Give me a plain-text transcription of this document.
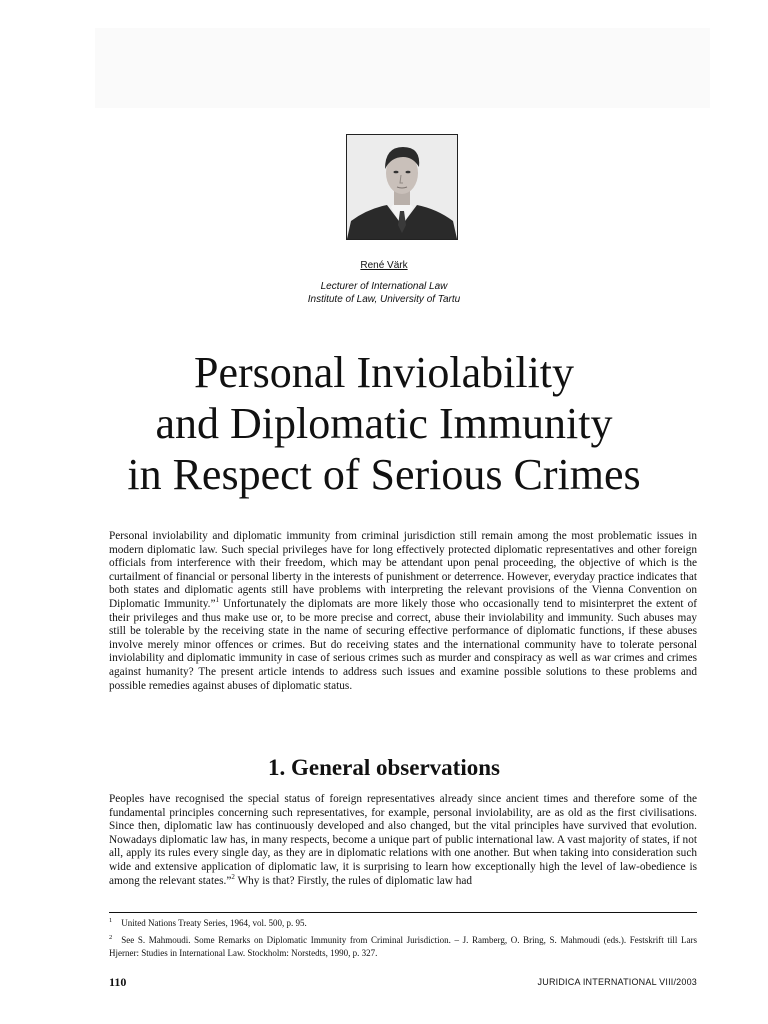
René Värk
Lecturer of International Law
Institute of Law, University of Tartu
Personal Inviolability
and Diplomatic Immunity
in Respect of Serious Crimes
Personal inviolability and diplomatic immunity from criminal jurisdiction still remain among the most problematic issues in modern diplomatic law. Such special privileges have for long effectively protected diplomatic representatives and other foreign officials from interference with their freedom, which may be attendant upon penal proceeding, the objective of which is the curtailment of financial or personal liberty in the interests of punishment or deterrence. However, everyday practice indicates that both states and diplomatic agents still have problems with interpreting the relevant provisions of the Vienna Convention on Diplomatic Immunity.”$^1$ Unfortunately the diplomats are more likely those who occasionally tend to misinterpret the extent of their privileges and thus make use or, to be more precise and correct, abuse their inviolability and immunity. Such abuses may still be tolerable by the receiving state in the name of securing effective performance of diplomatic functions, if these abuses involve merely minor offences or crimes. But do receiving states and the international community have to tolerate personal inviolability and diplomatic immunity in case of serious crimes such as murder and conspiracy as well as war crimes and crimes against humanity? The present article intends to address such issues and examine possible solutions to these problems and possible remedies against abuses of diplomatic status.
1. General observations
Peoples have recognised the special status of foreign representatives already since ancient times and therefore some of the fundamental principles concerning such representatives, for example, personal inviolability, are as old as the first civilisations. Since then, diplomatic law has continuously developed and also changed, but the vital principles have survived that evolution. Nowadays diplomatic law has, in many respects, become a unique part of public international law. A vast majority of states, if not all, apply its rules every single day, as they are in diplomatic relations with one another. But when taking into consideration such wide and extensive application of diplomatic law, it is surprising to learn how exceptionally high the level of law-obedience is among the relevant states.”$^2$ Why is that? Firstly, the rules of diplomatic law had
$^1$ United Nations Treaty Series, 1964, vol. 500, p. 95.
$^2$ See S. Mahmoudi. Some Remarks on Diplomatic Immunity from Criminal Jurisdiction. – J. Ramberg, O. Bring, S. Mahmoudi (eds.). Festskrift till Lars Hjerner: Studies in International Law. Stockholm: Norstedts, 1990, p. 327.
110	JURIDICA INTERNATIONAL VIII/2003
